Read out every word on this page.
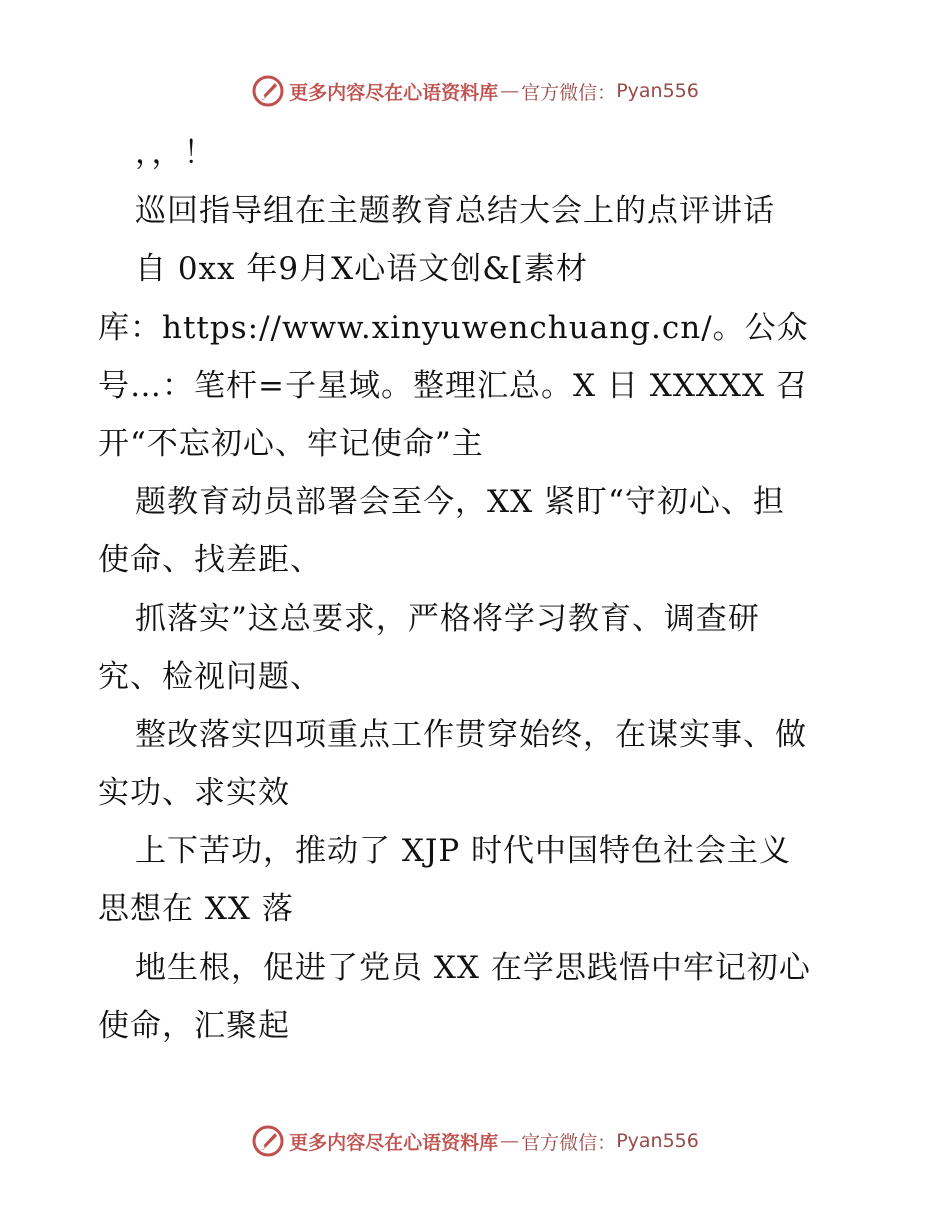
更多内容尽在心语资料库 — 官方微信： Pyan556
，，！
巡回指导组在主题教育总结大会上的点评讲话
自 0xx 年9月X心语文创&[素材
库：https://www.xinyuwenchuang.cn/。公众
号…：笔杆=子星域。整理汇总。X 日 XXXXX 召
开“不忘初心、牢记使命”主
题教育动员部署会至今，XX 紧盯“守初心、担
使命、找差距、
抓落实”这总要求，严格将学习教育、调查研
究、检视问题、
整改落实四项重点工作贯穿始终，在谋实事、做
实功、求实效
上下苦功，推动了 XJP 时代中国特色社会主义
思想在 XX 落
地生根，促进了党员 XX 在学思践悟中牢记初心
使命，汇聚起
更多内容尽在心语资料库 — 官方微信： Pyan556
